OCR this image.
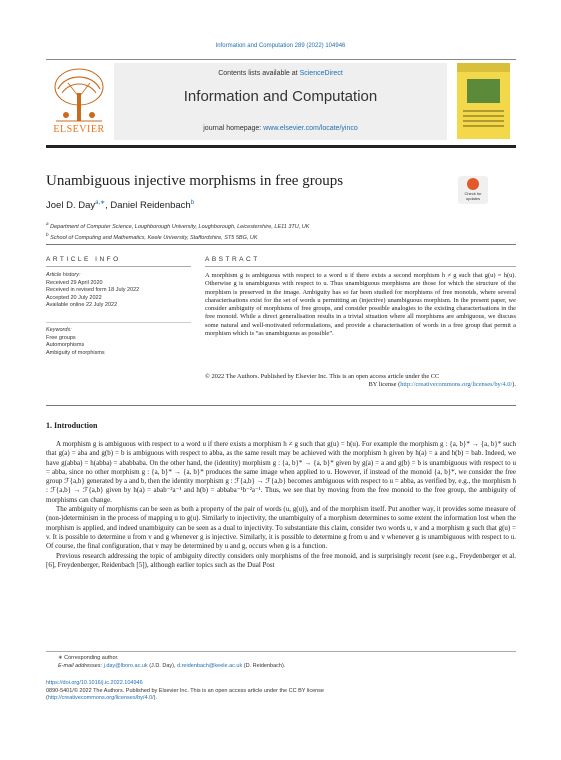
Information and Computation 289 (2022) 104946
ELSEVIER
Contents lists available at ScienceDirect
Information and Computation
journal homepage: www.elsevier.com/locate/yinco
Unambiguous injective morphisms in free groups
Check for
updates
Joel D. Day$^{a,∗}$, Daniel Reidenbach$^b$
$^a$ Department of Computer Science, Loughborough University, Loughborough, Leicestershire, LE11 3TU, UK
$^b$ School of Computing and Mathematics, Keele University, Staffordshire, ST5 5BG, UK
ARTICLE INFO	ABSTRACT
Article history:
Received 29 April 2020
Received in revised form 18 July 2022
Accepted 20 July 2022
Available online 22 July 2022
Keywords:
Free groups
Automorphisms
Ambiguity of morphisms
A morphism g is ambiguous with respect to a word u if there exists a second morphism h ≠ g such that g(u) = h(u). Otherwise g is unambiguous with respect to u. Thus unambiguous morphisms are those for which the structure of the morphism is preserved in the image. Ambiguity has so far been studied for morphisms of free monoids, where several characterisations exist for the set of words u permitting an (injective) unambiguous morphism. In the present paper, we consider ambiguity of morphisms of free groups, and consider possible analogies to the existing characterisations in the free monoid. While a direct generalisation results in a trivial situation where all morphisms are ambiguous, we discuss some natural and well-motivated reformulations, and provide a characterisation of words in a free group that permit a morphism which is “as unambiguous as possible”.
© 2022 The Authors. Published by Elsevier Inc. This is an open access article under the CC
BY license (http://creativecommons.org/licenses/by/4.0/).
1. Introduction

A morphism g is ambiguous with respect to a word u if there exists a morphism h ≠ g such that g(u) = h(u). For example the morphism g : {a, b}* → {a, b}* such that g(a) = aba and g(b) = b is ambiguous with respect to abba, as the same result may be achieved with the morphism h given by h(a) = a and h(b) = bab. Indeed, we have g(abba) = h(abba) = ababbaba. On the other hand, the (identity) morphism g : {a, b}* → {a, b}* given by g(a) = a and g(b) = b is unambiguous with respect to u = abba, since no other morphism g : {a, b}* → {a, b}* produces the same image when applied to u. However, if instead of the monoid {a, b}*, we consider the free group ℱ{a,b} generated by a and b, then the identity morphism g : ℱ{a,b} → ℱ{a,b} becomes ambiguous with respect to u = abba, as verified by, e.g., the morphism h : ℱ{a,b} → ℱ{a,b} given by h(a) = abab⁻²a⁻¹ and h(b) = abbaba⁻¹b⁻²a⁻¹. Thus, we see that by moving from the free monoid to the free group, the ambiguity of morphisms can change.

The ambiguity of morphisms can be seen as both a property of the pair of words (u, g(u)), and of the morphism itself. Put another way, it provides some measure of (non-)determinism in the process of mapping u to g(u). Similarly to injectivity, the unambiguity of a morphism determines to some extent the information lost when the morphism is applied, and indeed unambiguity can be seen as a dual to injectivity. To substantiate this claim, consider two words u, v and a morphism g such that g(u) = v. It is possible to determine u from v and g whenever g is injective. Similarly, it is possible to determine g from u and v whenever g is unambiguous with respect to u. Of course, the final configuration, that v may be determined by u and g, occurs when g is a function.

Previous research addressing the topic of ambiguity directly considers only morphisms of the free monoid, and is surprisingly recent (see e.g., Freydenberger et al. [6], Freydenberger, Reidenbach [5]), although earlier topics such as the Dual Post

∗ Corresponding author.
E-mail addresses: j.day@lboro.ac.uk (J.D. Day), d.reidenbach@keele.ac.uk (D. Reidenbach).
https://doi.org/10.1016/j.ic.2022.104946
0890-5401/© 2022 The Authors. Published by Elsevier Inc. This is an open access article under the CC BY license
(http://creativecommons.org/licenses/by/4.0/).
